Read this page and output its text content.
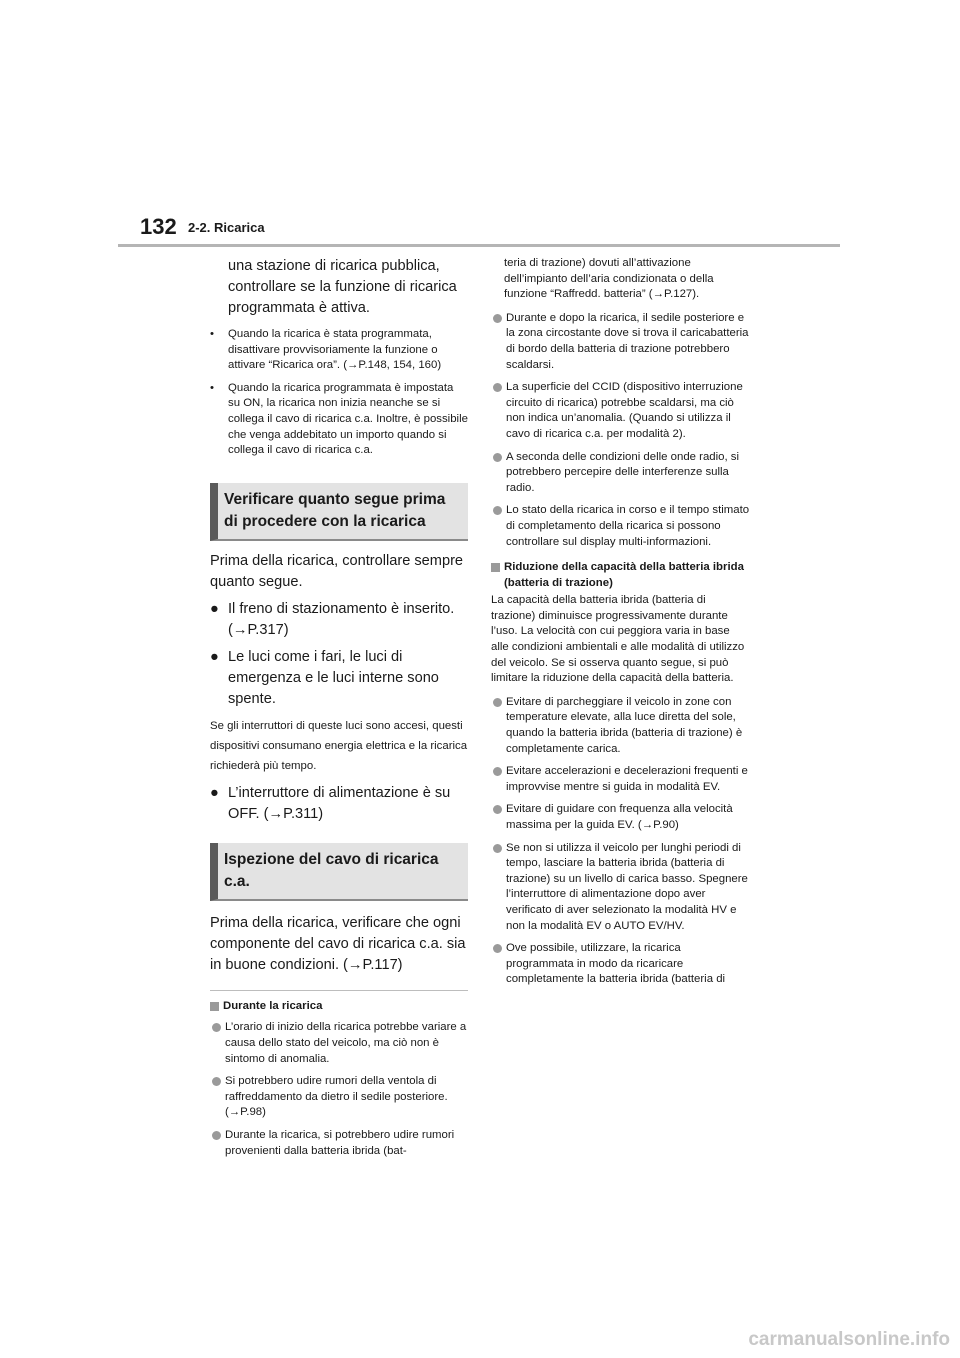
132 2-2. Ricarica

una stazione di ricarica pubblica,

controllare se la funzione di ricarica

programmata è attiva.

•	Quando la ricarica è stata programmata, disattivare provvisoriamente la funzione o attivare “Ricarica ora”. (→P.148, 154, 160)
•	Quando la ricarica programmata è impostata su ON, la ricarica non inizia neanche se si collega il cavo di ricarica c.a. Inoltre, è possibile che venga addebitato un importo quando si collega il cavo di ricarica c.a.
Verificare quanto segue prima di procedere con la ricarica

Prima della ricarica, controllare sempre quanto segue.

● Il freno di stazionamento è inserito. (→P.317)
● Le luci come i fari, le luci di emergenza e le luci interne sono spente.

Se gli interruttori di queste luci sono accesi, questi dispositivi consumano energia elettrica e la ricarica richiederà più tempo.

● L’interruttore di alimentazione è su OFF. (→P.311)
Ispezione del cavo di ricarica c.a.

Prima della ricarica, verificare che ogni componente del cavo di ricarica c.a. sia in buone condizioni. (→P.117)

Durante la ricarica
L’orario di inizio della ricarica potrebbe variare a causa dello stato del veicolo, ma ciò non è sintomo di anomalia.
Si potrebbero udire rumori della ventola di raffreddamento da dietro il sedile posteriore. (→P.98)
Durante la ricarica, si potrebbero udire rumori provenienti dalla batteria ibrida (bat-

teria di trazione) dovuti all’attivazione dell’impianto dell’aria condizionata o della funzione “Raffredd. batteria” (→P.127).

Durante e dopo la ricarica, il sedile posteriore e la zona circostante dove si trova il caricabatteria di bordo della batteria di trazione potrebbero scaldarsi.
La superficie del CCID (dispositivo interruzione circuito di ricarica) potrebbe scaldarsi, ma ciò non indica un’anomalia. (Quando si utilizza il cavo di ricarica c.a. per modalità 2).
A seconda delle condizioni delle onde radio, si potrebbero percepire delle interferenze sulla radio.
Lo stato della ricarica in corso e il tempo stimato di completamento della ricarica si possono controllare sul display multi-informazioni.
Riduzione della capacità della batteria ibrida (batteria di trazione)

La capacità della batteria ibrida (batteria di trazione) diminuisce progressivamente durante l’uso. La velocità con cui peggiora varia in base alle condizioni ambientali e alle modalità di utilizzo del veicolo. Se si osserva quanto segue, si può limitare la riduzione della capacità della batteria.

Evitare di parcheggiare il veicolo in zone con temperature elevate, alla luce diretta del sole, quando la batteria ibrida (batteria di trazione) è completamente carica.
Evitare accelerazioni e decelerazioni frequenti e improvvise mentre si guida in modalità EV.
Evitare di guidare con frequenza alla velocità massima per la guida EV. (→P.90)
Se non si utilizza il veicolo per lunghi periodi di tempo, lasciare la batteria ibrida (batteria di trazione) su un livello di carica basso. Spegnere l’interruttore di alimentazione dopo aver verificato di aver selezionato la modalità HV e non la modalità EV o AUTO EV/HV.
Ove possibile, utilizzare, la ricarica programmata in modo da ricaricare completamente la batteria ibrida (batteria di
carmanualsonline.info
